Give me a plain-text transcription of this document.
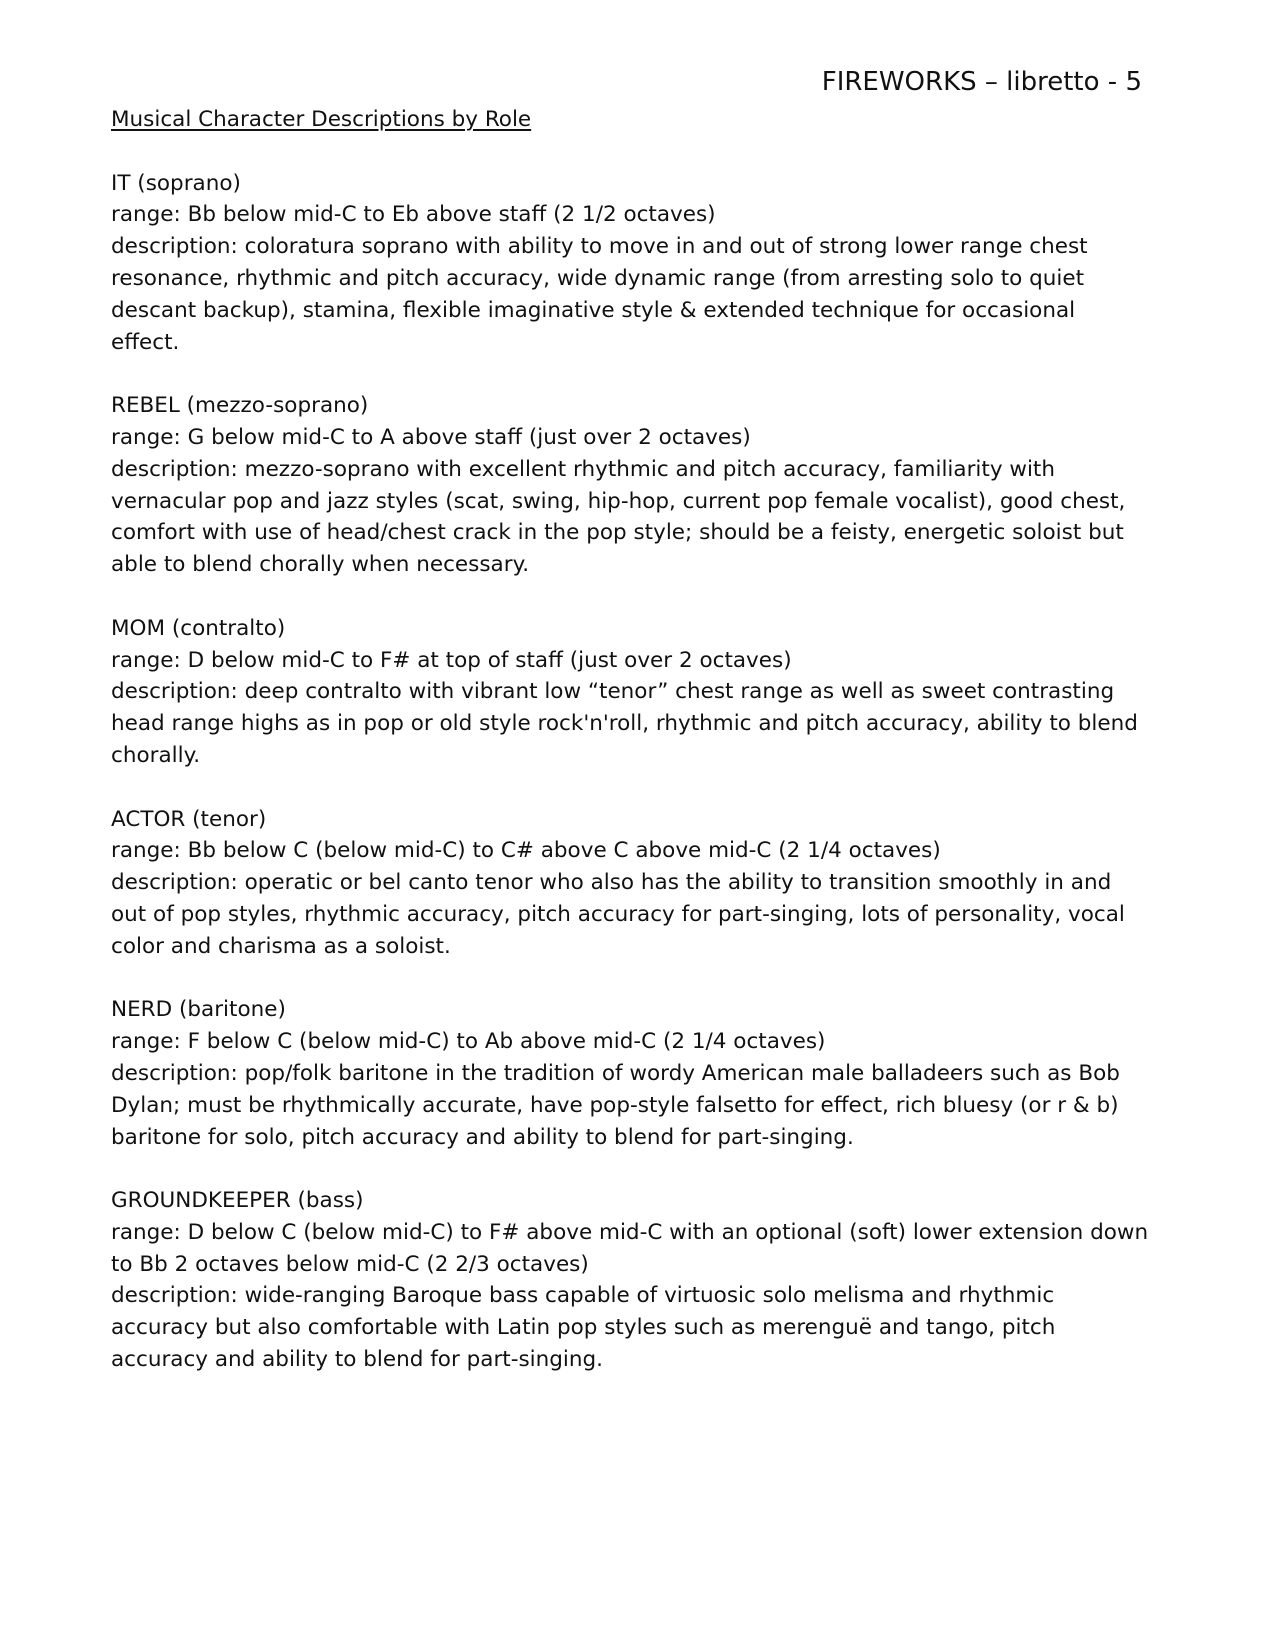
FIREWORKS – libretto - 5

Musical Character Descriptions by Role

IT (soprano)
range: Bb below mid-C to Eb above staff (2 1/2 octaves)
description: coloratura soprano with ability to move in and out of strong lower range chest resonance, rhythmic and pitch accuracy, wide dynamic range (from arresting solo to quiet descant backup), stamina, flexible imaginative style & extended technique for occasional effect.
REBEL (mezzo-soprano)
range: G below mid-C to A above staff (just over 2 octaves)
description: mezzo-soprano with excellent rhythmic and pitch accuracy, familiarity with vernacular pop and jazz styles (scat, swing, hip-hop, current pop female vocalist), good chest, comfort with use of head/chest crack in the pop style; should be a feisty, energetic soloist but able to blend chorally when necessary.
MOM (contralto)
range: D below mid-C to F# at top of staff (just over 2 octaves)
description: deep contralto with vibrant low “tenor” chest range as well as sweet contrasting head range highs as in pop or old style rock'n'roll, rhythmic and pitch accuracy, ability to blend chorally.
ACTOR (tenor)
range: Bb below C (below mid-C) to C# above C above mid-C (2 1/4 octaves)
description: operatic or bel canto tenor who also has the ability to transition smoothly in and out of pop styles, rhythmic accuracy, pitch accuracy for part-singing, lots of personality, vocal color and charisma as a soloist.
NERD (baritone)
range: F below C (below mid-C) to Ab above mid-C (2 1/4 octaves)
description: pop/folk baritone in the tradition of wordy American male balladeers such as Bob Dylan; must be rhythmically accurate, have pop-style falsetto for effect, rich bluesy (or r & b) baritone for solo, pitch accuracy and ability to blend for part-singing.
GROUNDKEEPER (bass)
range: D below C (below mid-C) to F# above mid-C with an optional (soft) lower extension down to Bb 2 octaves below mid-C (2 2/3 octaves)
description: wide-ranging Baroque bass capable of virtuosic solo melisma and rhythmic accuracy but also comfortable with Latin pop styles such as merenguë and tango, pitch accuracy and ability to blend for part-singing.
